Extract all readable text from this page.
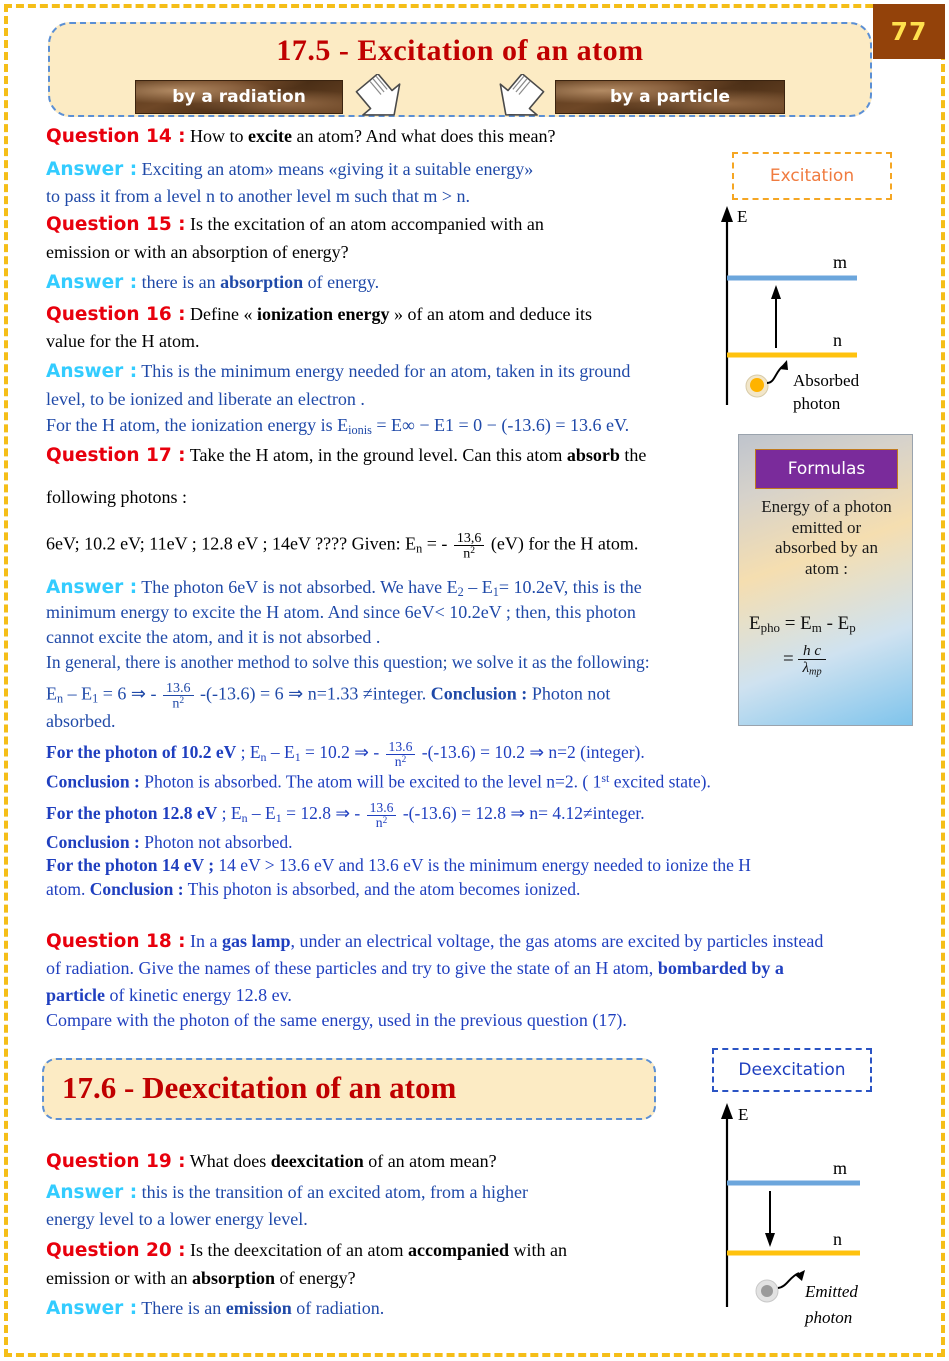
77
17.5 - Excitation of an atom
by a radiation	by a particle
Question 14 : How to excite an atom? And what does this mean?
Answer : Exciting an atom» means «giving it a suitable energy»
to pass it from a level n to another level m such that m > n.
Question 15 : Is the excitation of an atom accompanied with an
emission or with an absorption of energy?
Answer : there is an absorption of energy.
Question 16 : Define « ionization energy » of an atom and deduce its
value for the H atom.
Answer : This is the minimum energy needed for an atom, taken in its ground
level, to be ionized and liberate an electron .
For the H atom, the ionization energy is $E_{ionis} = E\infty - E1 = 0 - (-13.6) = 13.6$ eV.
Question 17 : Take the H atom, in the ground level. Can this atom absorb the
following photons :
6eV; 10.2 eV; 11eV ; 12.8 eV ; 14eV ???? Given: $E_n$ = - $\frac{13,6}{n^2} (eV)$ for the H atom.
Answer : The photon 6eV is not absorbed. We have $E_2 - E_1= 10.2eV$, this is the
minimum energy to excite the H atom. And since 6eV< 10.2eV ; then, this photon
cannot excite the atom, and it is not absorbed .
In general, there is another method to solve this question; we solve it as the following:
$E_n - E_1 = 6$ ⇒ - $\frac{13.6}{n^2} -(-13.6) = 6$ ⇒ n=1.33 ≠integer. Conclusion : Photon not
absorbed.
For the photon of 10.2 eV ; $E_n - E_1 = 10.2$ ⇒ - $\frac{13.6}{n^2} -(-13.6) = 10.2$ ⇒ n=2 (integer).
Conclusion : Photon is absorbed. The atom will be excited to the level n=2. ( 1st excited state).
For the photon 12.8 eV ; $E_n - E_1 = 12.8$ ⇒ - $\frac{13.6}{n^2} -(-13.6) = 12.8$ ⇒ n= 4.12≠integer.
Conclusion : Photon not absorbed.
For the photon 14 eV ; 14 eV > 13.6 eV and 13.6 eV is the minimum energy needed to ionize the H
atom. Conclusion : This photon is absorbed, and the atom becomes ionized.
Question 18 : In a gas lamp, under an electrical voltage, the gas atoms are excited by particles instead
of radiation. Give the names of these particles and try to give the state of an H atom, bombarded by a
particle of kinetic energy 12.8 ev.
Compare with the photon of the same energy, used in the previous question (17).
17.6 - Deexcitation of an atom
Question 19 : What does deexcitation of an atom mean?
Answer : this is the transition of an excited atom, from a higher
energy level to a lower energy level.
Question 20 : Is the deexcitation of an atom accompanied with an
emission or with an absorption of energy?
Answer : There is an emission of radiation.
Excitation
E
m
n
Absorbed
photon
Formulas
Energy of a photon
emitted or
absorbed by an
atom :
$E_{pho} = E_m - E_p$
= $\frac{\text{h c}}{\lambda_{mp}}$
Deexcitation
E
m
n
Emitted
photon
